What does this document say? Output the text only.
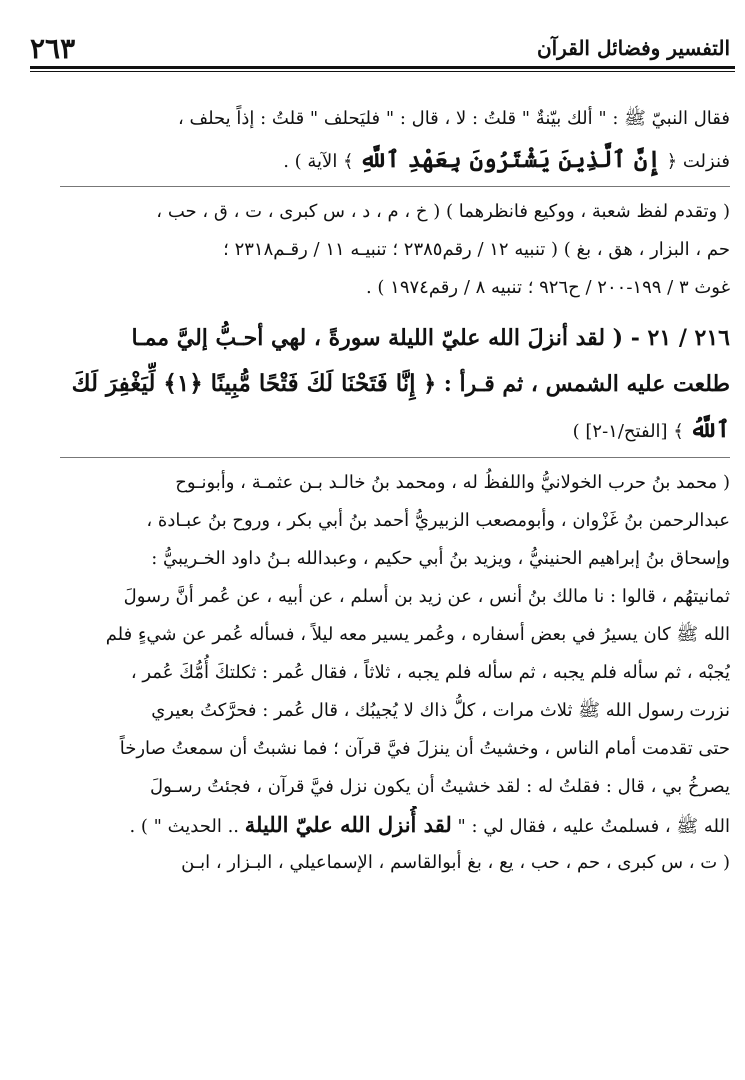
٢٦٣	التفسير وفضائل القرآن
فقال النبيّ ﷺ : " ألك بيّنةٌ " قلتُ : لا ، قال : " فليَحلف " قلتُ : إذاً يحلف ،
فنزلت ﴿ إِنَّ ٱلَّذِينَ يَشْتَرُونَ بِعَهْدِ ٱللَّهِ ﴾ الآية ) .
( وتقدم لفظ شعبة ، ووكيع فانظرهما ) ( خ ، م ، د ، س كبرى ، ت ، ق ، حب ،
حم ، البزار ، هق ، بغ ) ( تنبيه ١٢ / رقم٢٣٨٥ ؛ تنبيـه ١١ / رقـم٢٣١٨ ؛
غوث ٣ / ١٩٩-٢٠٠ / ح٩٢٦ ؛ تنبيه ٨ / رقم١٩٧٤ ) .
٢١٦ / ٢١ - ( لقد أنزلَ الله عليّ الليلة سورةً ، لهي أحـبُّ إليَّ ممـا
طلعت عليه الشمس ، ثم قـرأ : ﴿ إِنَّا فَتَحْنَا لَكَ فَتْحًا مُّبِينًا ﴿١﴾ لِّيَغْفِرَ لَكَ
ٱللَّهُ ﴾ [الفتح/١-٢] )
( محمد بنُ حرب الخولانيُّ واللفظُ له ، ومحمد بنُ خالـد بـن عثمـة ، وأبونـوح
عبدالرحمن بنُ غَزْوان ، وأبومصعب الزبيريُّ أحمد بنُ أبي بكر ، وروح بنُ عبـادة ،
وإسحاق بنُ إبراهيم الحنينيُّ ، ويزيد بنُ أبي حكيم ، وعبدالله بـنُ داود الخـريبيُّ :
ثمانيتهُم ، قالوا : نا مالك بنُ أنس ، عن زيد بن أسلم ، عن أبيه ، عن عُمر أنَّ رسولَ
الله ﷺ كان يسيرُ في بعض أسفاره ، وعُمر يسير معه ليلاً ، فسأله عُمر عن شيءٍ فلم
يُجبْه ، ثم سأله فلم يجبه ، ثم سأله فلم يجبه ، ثلاثاً ، فقال عُمر : ثكلتكَ أُمُّكَ عُمر ،
نزرت رسول الله ﷺ ثلاث مرات ، كلُّ ذاك لا يُجيبُك ، قال عُمر : فحرَّكتُ بعيري
حتى تقدمت أمام الناس ، وخشيتُ أن ينزلَ فيَّ قرآن ؛ فما نشبتُ أن سمعتُ صارخاً
يصرخُ بي ، قال : فقلتُ له : لقد خشيتُ أن يكون نزل فيَّ قرآن ، فجئتُ رسـولَ
الله ﷺ ، فسلمتُ عليه ، فقال لي : " لقد أُنزل الله عليّ الليلة .. الحديث " ) .
( ت ، س كبرى ، حم ، حب ، يع ، بغ أبوالقاسم ، الإسماعيلي ، البـزار ، ابـن
